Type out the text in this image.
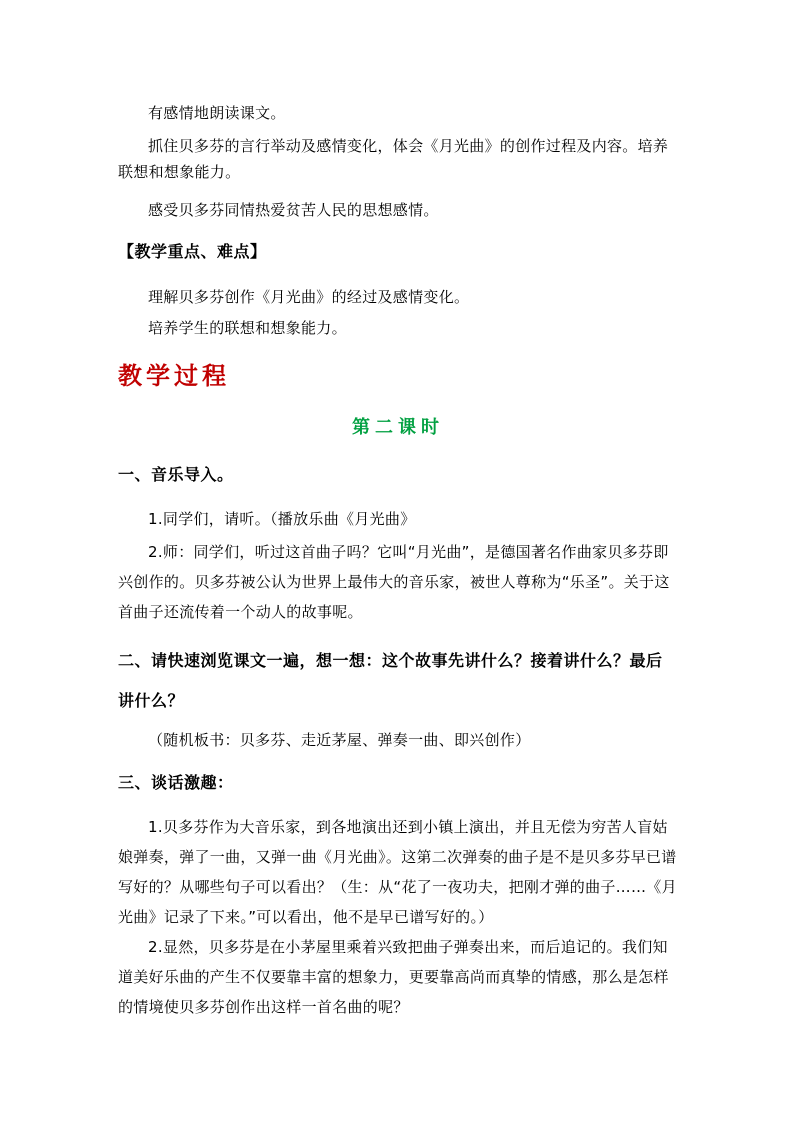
有感情地朗读课文。

抓住贝多芬的言行举动及感情变化，体会《月光曲》的创作过程及内容。培养联想和想象能力。

感受贝多芬同情热爱贫苦人民的思想感情。

【教学重点、难点】

理解贝多芬创作《月光曲》的经过及感情变化。

培养学生的联想和想象能力。

教学过程
第二课时
一、音乐导入。

1.同学们，请听。（播放乐曲《月光曲》

2.师：同学们，听过这首曲子吗？它叫“月光曲”，是德国著名作曲家贝多芬即兴创作的。贝多芬被公认为世界上最伟大的音乐家，被世人尊称为“乐圣”。关于这首曲子还流传着一个动人的故事呢。

二、请快速浏览课文一遍，想一想：这个故事先讲什么？接着讲什么？最后讲什么？

（随机板书：贝多芬、走近茅屋、弹奏一曲、即兴创作）

三、谈话激趣：

1.贝多芬作为大音乐家，到各地演出还到小镇上演出，并且无偿为穷苦人盲姑娘弹奏，弹了一曲，又弹一曲《月光曲》。这第二次弹奏的曲子是不是贝多芬早已谱写好的？从哪些句子可以看出？（生：从“花了一夜功夫，把刚才弹的曲子……《月光曲》记录了下来。”可以看出，他不是早已谱写好的。）

2.显然，贝多芬是在小茅屋里乘着兴致把曲子弹奏出来，而后追记的。我们知道美好乐曲的产生不仅要靠丰富的想象力，更要靠高尚而真挚的情感，那么是怎样的情境使贝多芬创作出这样一首名曲的呢？
